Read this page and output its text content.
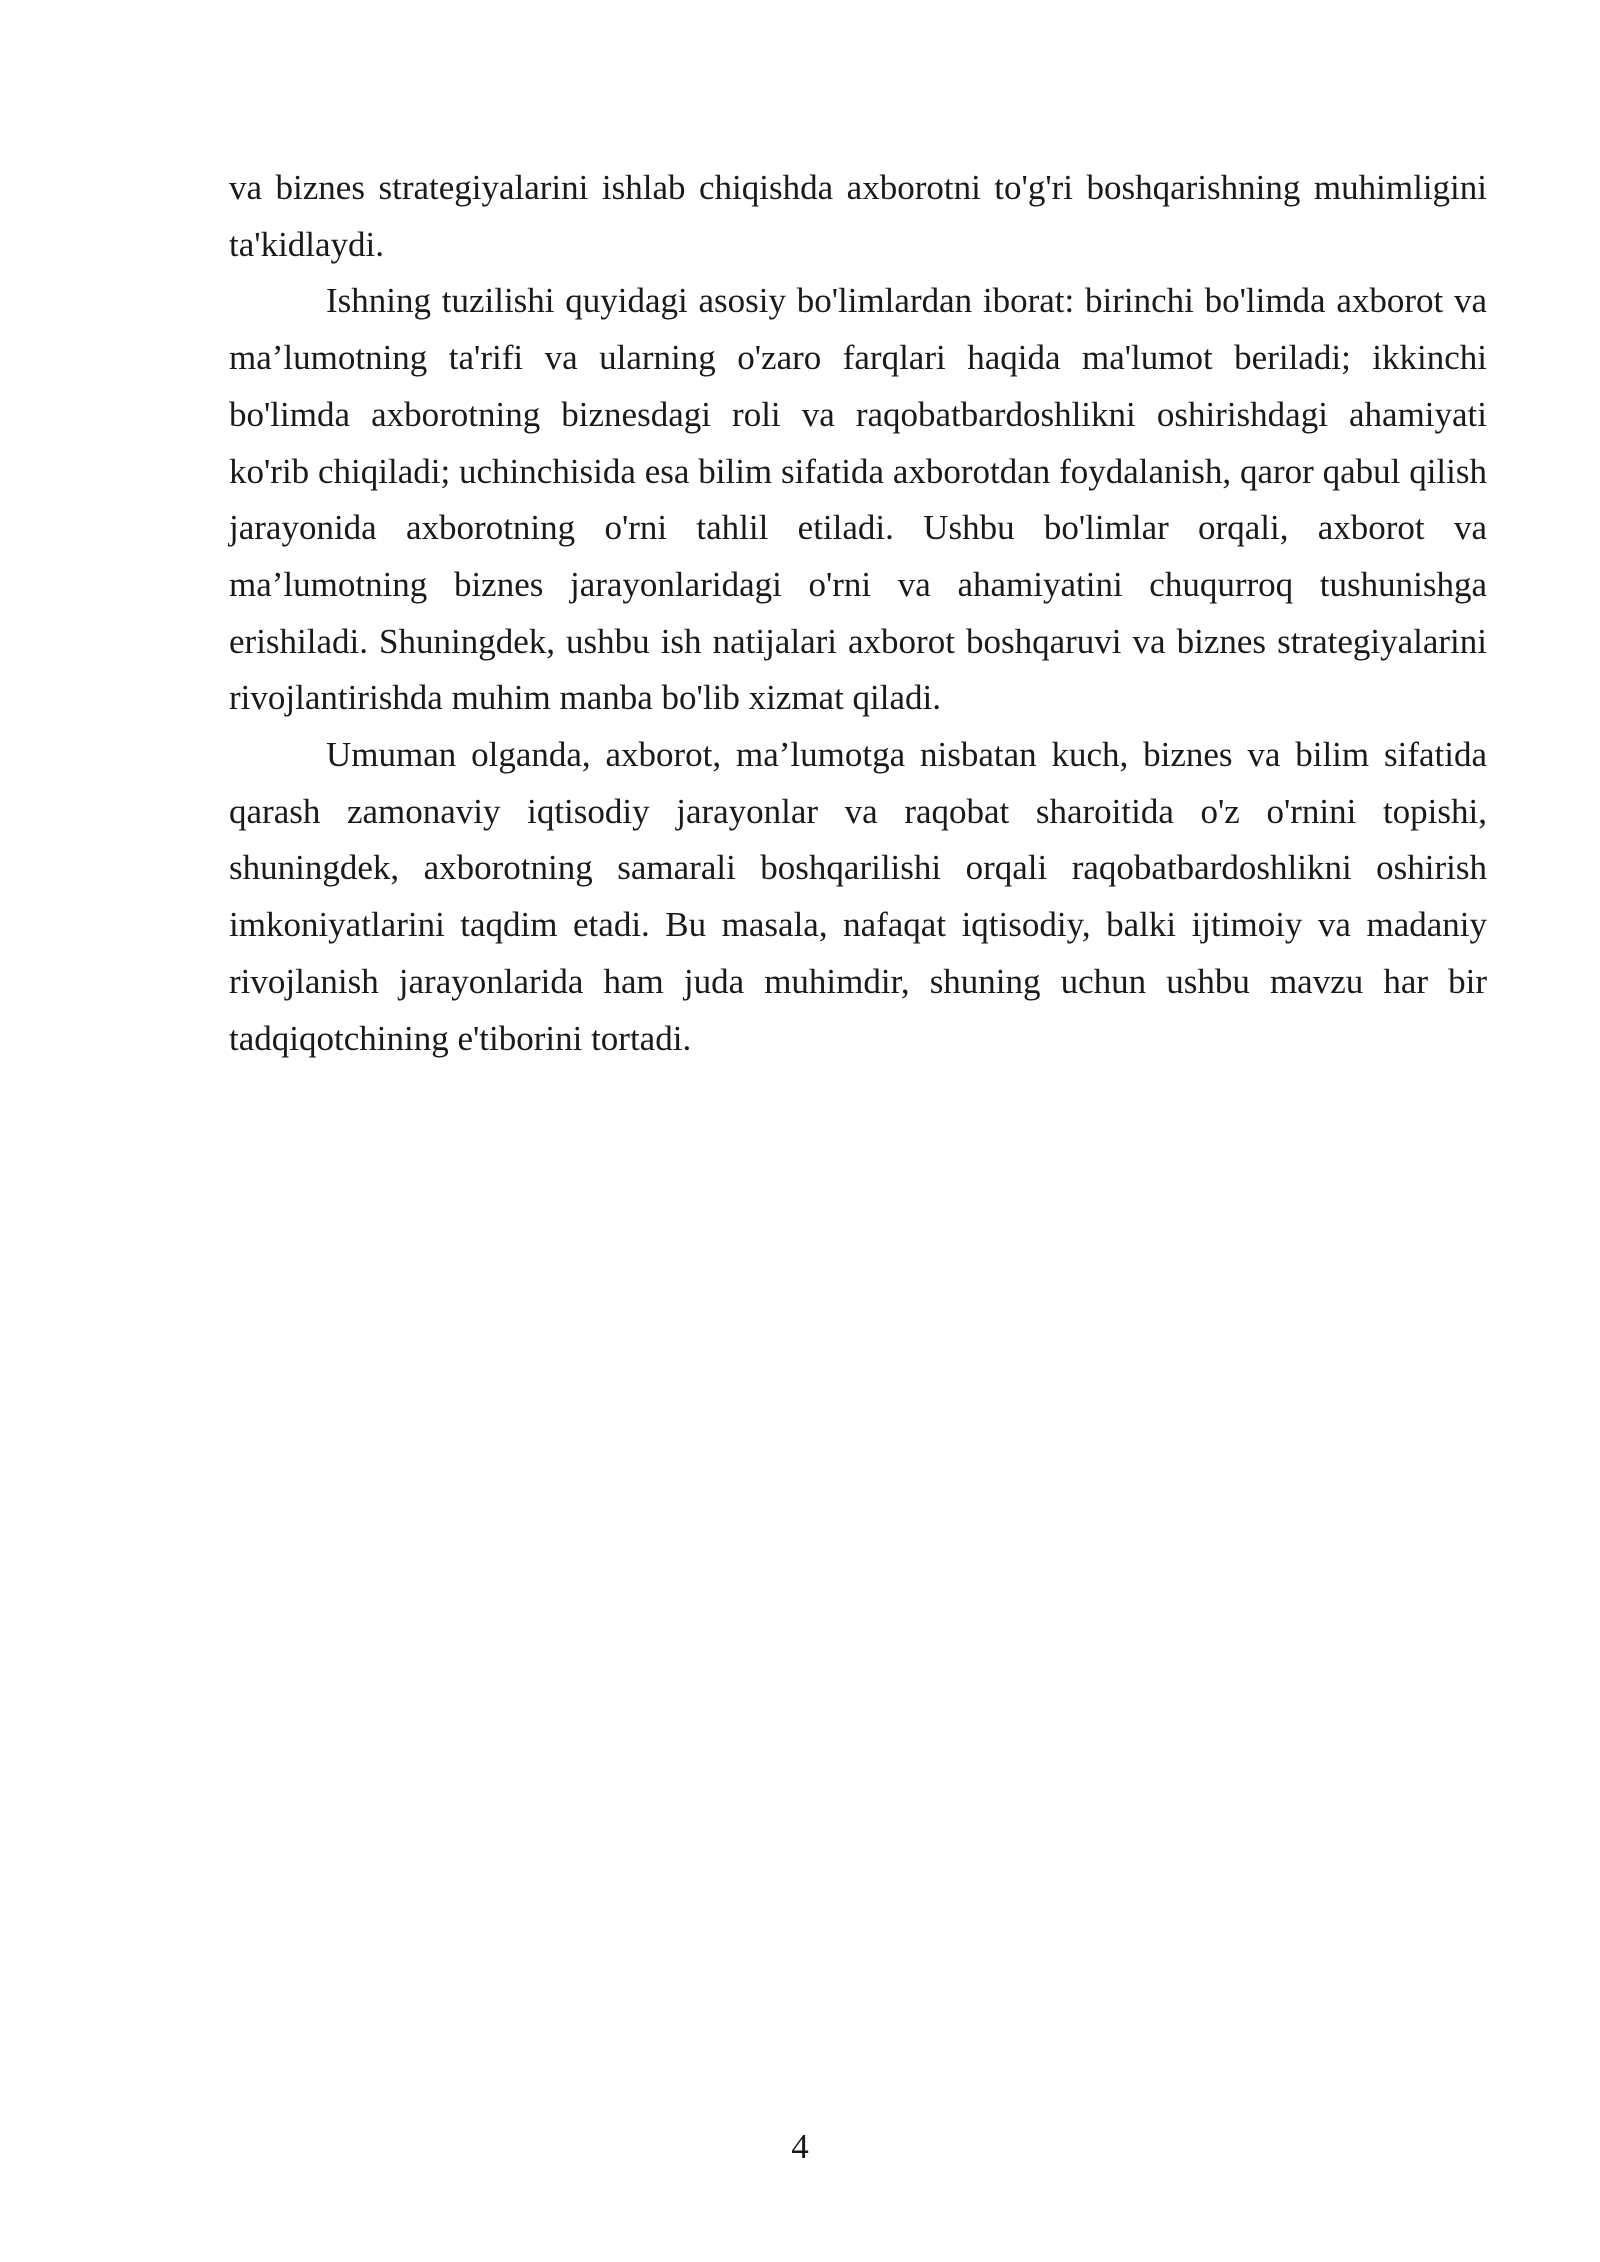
va biznes strategiyalarini ishlab chiqishda axborotni to'g'ri boshqarishning muhimligini ta'kidlaydi.

Ishning tuzilishi quyidagi asosiy bo'limlardan iborat: birinchi bo'limda axborot va ma’lumotning ta'rifi va ularning o'zaro farqlari haqida ma'lumot beriladi; ikkinchi bo'limda axborotning biznesdagi roli va raqobatbardoshlikni oshirishdagi ahamiyati ko'rib chiqiladi; uchinchisida esa bilim sifatida axborotdan foydalanish, qaror qabul qilish jarayonida axborotning o'rni tahlil etiladi. Ushbu bo'limlar orqali, axborot va ma’lumotning biznes jarayonlaridagi o'rni va ahamiyatini chuqurroq tushunishga erishiladi. Shuningdek, ushbu ish natijalari axborot boshqaruvi va biznes strategiyalarini rivojlantirishda muhim manba bo'lib xizmat qiladi.

Umuman olganda, axborot, ma’lumotga nisbatan kuch, biznes va bilim sifatida qarash zamonaviy iqtisodiy jarayonlar va raqobat sharoitida o'z o'rnini topishi, shuningdek, axborotning samarali boshqarilishi orqali raqobatbardoshlikni oshirish imkoniyatlarini taqdim etadi. Bu masala, nafaqat iqtisodiy, balki ijtimoiy va madaniy rivojlanish jarayonlarida ham juda muhimdir, shuning uchun ushbu mavzu har bir tadqiqotchining e'tiborini tortadi.

4
